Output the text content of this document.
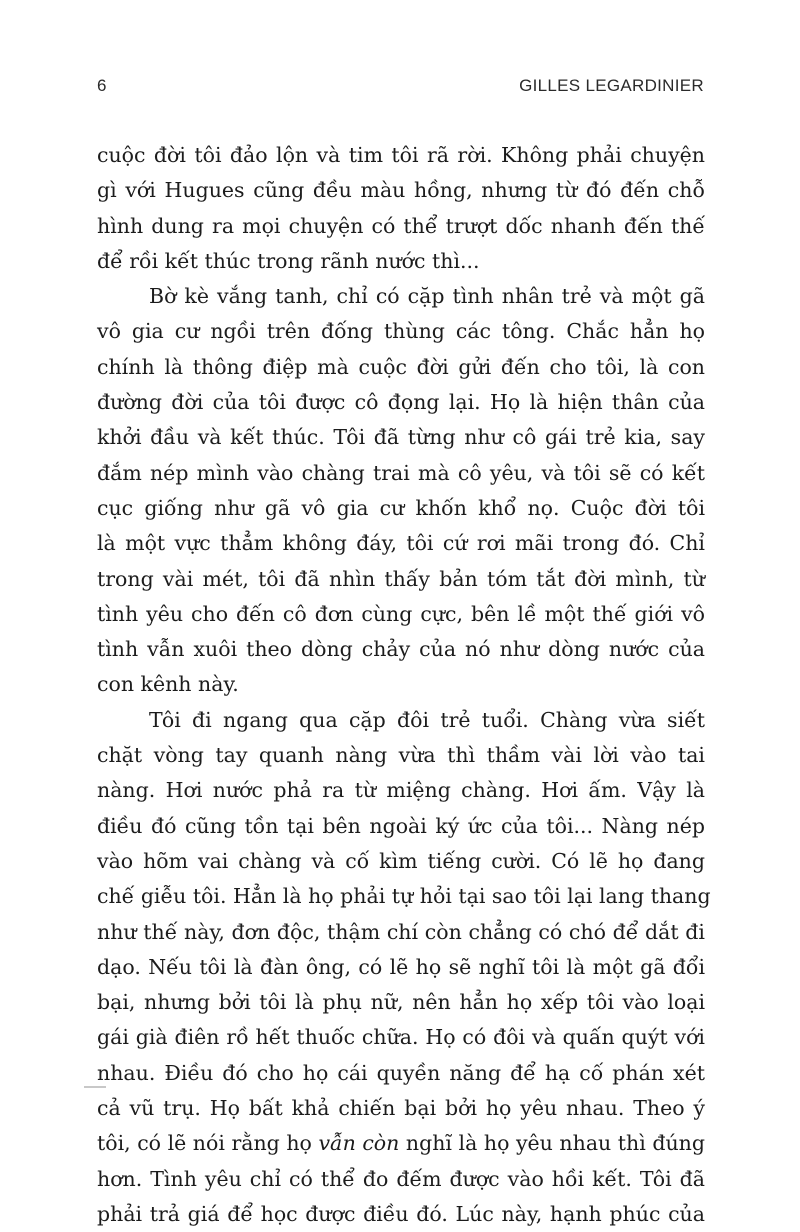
6	GILLES LEGARDINIER
cuộc đời tôi đảo lộn và tim tôi rã rời. Không phải chuyện
gì với Hugues cũng đều màu hồng, nhưng từ đó đến chỗ
hình dung ra mọi chuyện có thể trượt dốc nhanh đến thế
để rồi kết thúc trong rãnh nước thì...
Bờ kè vắng tanh, chỉ có cặp tình nhân trẻ và một gã
vô gia cư ngồi trên đống thùng các tông. Chắc hẳn họ
chính là thông điệp mà cuộc đời gửi đến cho tôi, là con
đường đời của tôi được cô đọng lại. Họ là hiện thân của
khởi đầu và kết thúc. Tôi đã từng như cô gái trẻ kia, say
đắm nép mình vào chàng trai mà cô yêu, và tôi sẽ có kết
cục giống như gã vô gia cư khốn khổ nọ. Cuộc đời tôi
là một vực thẳm không đáy, tôi cứ rơi mãi trong đó. Chỉ
trong vài mét, tôi đã nhìn thấy bản tóm tắt đời mình, từ
tình yêu cho đến cô đơn cùng cực, bên lề một thế giới vô
tình vẫn xuôi theo dòng chảy của nó như dòng nước của
con kênh này.
Tôi đi ngang qua cặp đôi trẻ tuổi. Chàng vừa siết
chặt vòng tay quanh nàng vừa thì thầm vài lời vào tai
nàng. Hơi nước phả ra từ miệng chàng. Hơi ấm. Vậy là
điều đó cũng tồn tại bên ngoài ký ức của tôi... Nàng nép
vào hõm vai chàng và cố kìm tiếng cười. Có lẽ họ đang
chế giễu tôi. Hẳn là họ phải tự hỏi tại sao tôi lại lang thang
như thế này, đơn độc, thậm chí còn chẳng có chó để dắt đi
dạo. Nếu tôi là đàn ông, có lẽ họ sẽ nghĩ tôi là một gã đổi
bại, nhưng bởi tôi là phụ nữ, nên hẳn họ xếp tôi vào loại
gái già điên rồ hết thuốc chữa. Họ có đôi và quấn quýt với
nhau. Điều đó cho họ cái quyền năng để hạ cố phán xét
cả vũ trụ. Họ bất khả chiến bại bởi họ yêu nhau. Theo ý
tôi, có lẽ nói rằng họ vẫn còn nghĩ là họ yêu nhau thì đúng
hơn. Tình yêu chỉ có thể đo đếm được vào hồi kết. Tôi đã
phải trả giá để học được điều đó. Lúc này, hạnh phúc của
